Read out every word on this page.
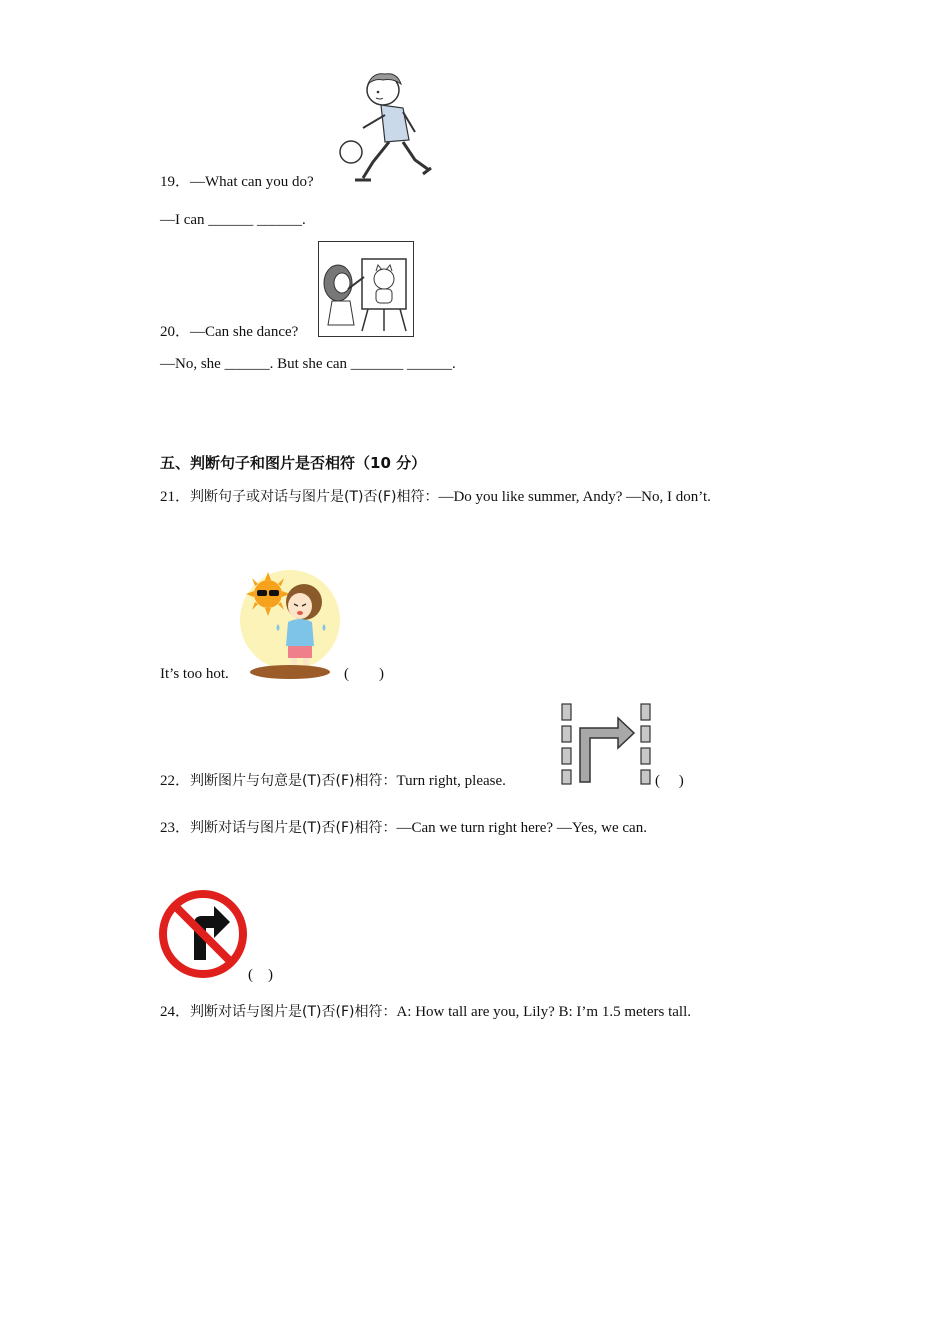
19．—What can you do?
—I can ______ ______.
20．—Can she dance?
—No, she ______. But she can _______ ______.
五、判断句子和图片是否相符（10 分）
21．判断句子或对话与图片是(T)否(F)相符：—Do you like summer, Andy? —No, I don’t.
It’s too hot.	(　　)
22．判断图片与句意是(T)否(F)相符：Turn right, please.	(　 )
23．判断对话与图片是(T)否(F)相符：—Can we turn right here? —Yes, we can.
(　)
24．判断对话与图片是(T)否(F)相符：A: How tall are you, Lily? B: I’m 1.5 meters tall.
